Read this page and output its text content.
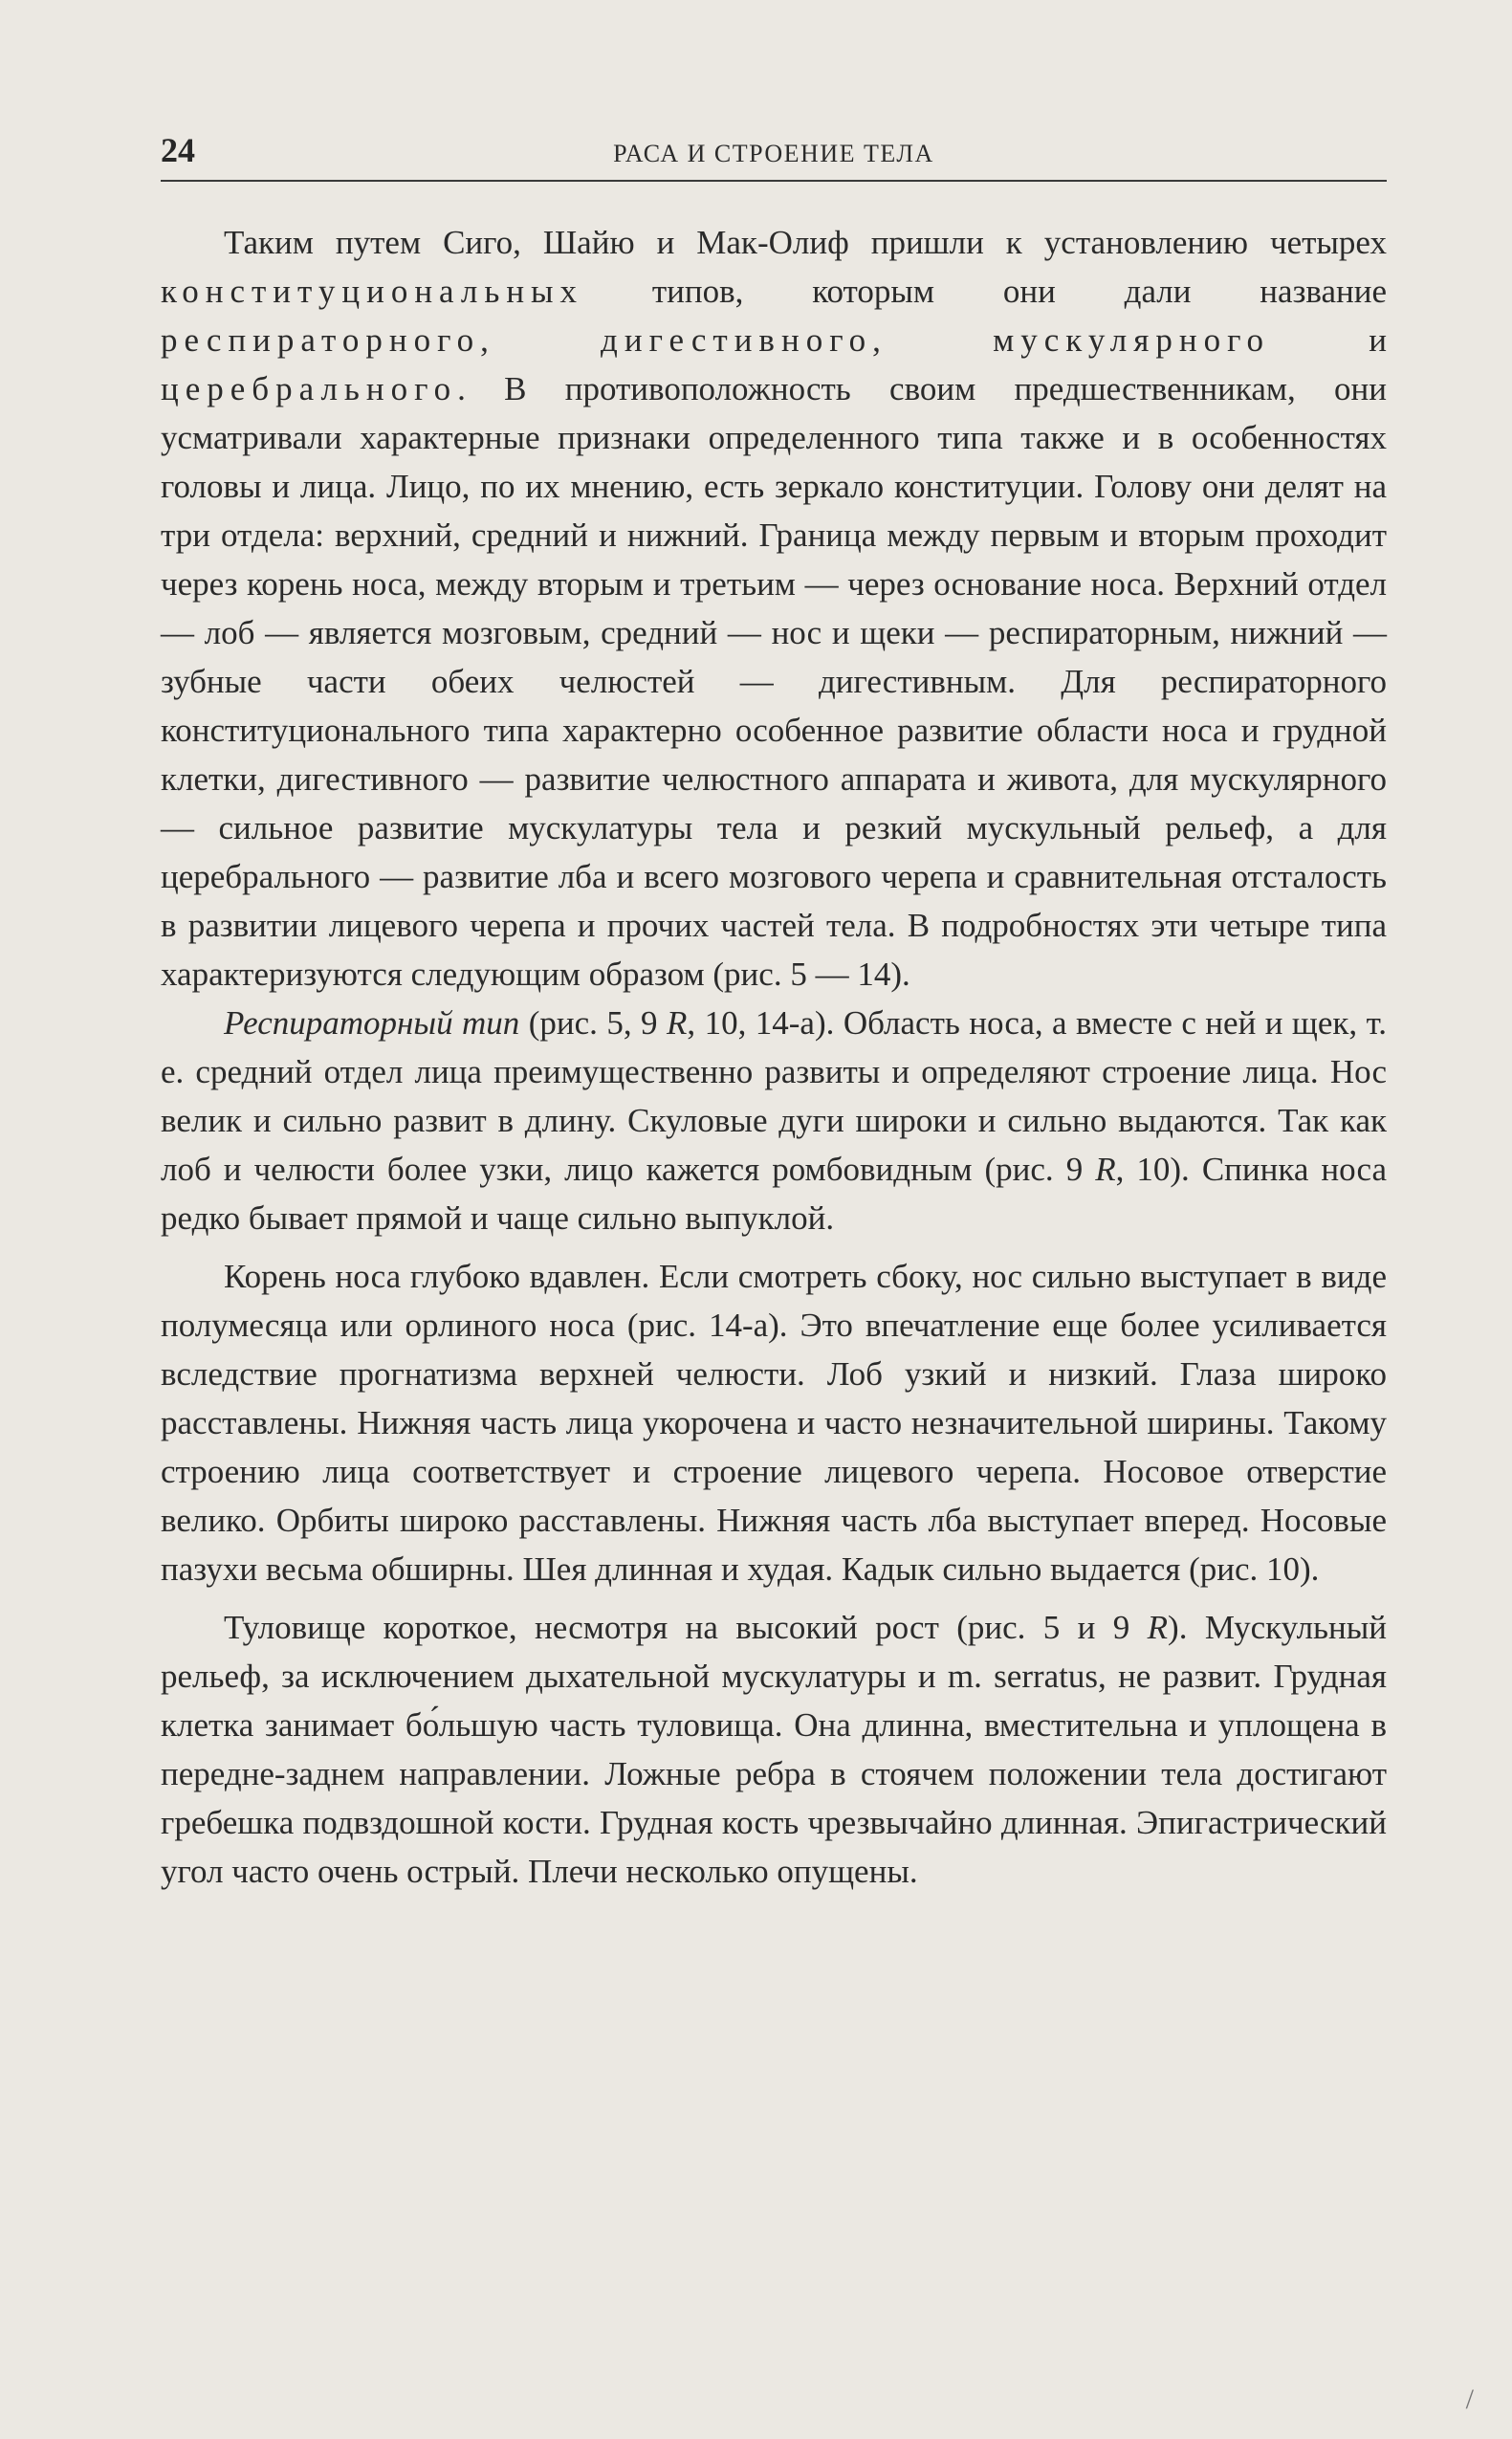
24	РАСА И СТРОЕНИЕ ТЕЛА

Таким путем Сиго, Шайю и Мак-Олиф пришли к установлению четырех конституциональных типов, которым они дали название респираторного, дигестивного, мускулярного и церебрального. В противоположность своим предшественникам, они усматривали характерные признаки определенного типа также и в особенностях головы и лица. Лицо, по их мнению, есть зеркало конституции. Голову они делят на три отдела: верхний, средний и нижний. Граница между первым и вторым проходит через корень носа, между вторым и третьим — через основание носа. Верхний отдел — лоб — является мозговым, средний — нос и щеки — респираторным, нижний — зубные части обеих челюстей — дигестивным. Для респираторного конституционального типа характерно особенное развитие области носа и грудной клетки, дигестивного — развитие челюстного аппарата и живота, для мускулярного — сильное развитие мускулатуры тела и резкий мускульный рельеф, а для церебрального — развитие лба и всего мозгового черепа и сравнительная отсталость в развитии лицевого черепа и прочих частей тела. В подробностях эти четыре типа характеризуются следующим образом (рис. 5 — 14).

Респираторный тип (рис. 5, 9 R, 10, 14-а). Область носа, а вместе с ней и щек, т. е. средний отдел лица преимущественно развиты и определяют строение лица. Нос велик и сильно развит в длину. Скуловые дуги широки и сильно выдаются. Так как лоб и челюсти более узки, лицо кажется ромбовидным (рис. 9 R, 10). Спинка носа редко бывает прямой и чаще сильно выпуклой.

Корень носа глубоко вдавлен. Если смотреть сбоку, нос сильно выступает в виде полумесяца или орлиного носа (рис. 14-а). Это впечатление еще более усиливается вследствие прогнатизма верхней челюсти. Лоб узкий и низкий. Глаза широко расставлены. Нижняя часть лица укорочена и часто незначительной ширины. Такому строению лица соответствует и строение лицевого черепа. Носовое отверстие велико. Орбиты широко расставлены. Нижняя часть лба выступает вперед. Носовые пазухи весьма обширны. Шея длинная и худая. Кадык сильно выдается (рис. 10).

Туловище короткое, несмотря на высокий рост (рис. 5 и 9 R). Мускульный рельеф, за исключением дыхательной мускулатуры и m. serratus, не развит. Грудная клетка занимает бо́льшую часть туловища. Она длинна, вместительна и уплощена в передне-заднем направлении. Ложные ребра в стоячем положении тела достигают гребешка подвздошной кости. Грудная кость чрезвычайно длинная. Эпигастрический угол часто очень острый. Плечи несколько опущены.

/
